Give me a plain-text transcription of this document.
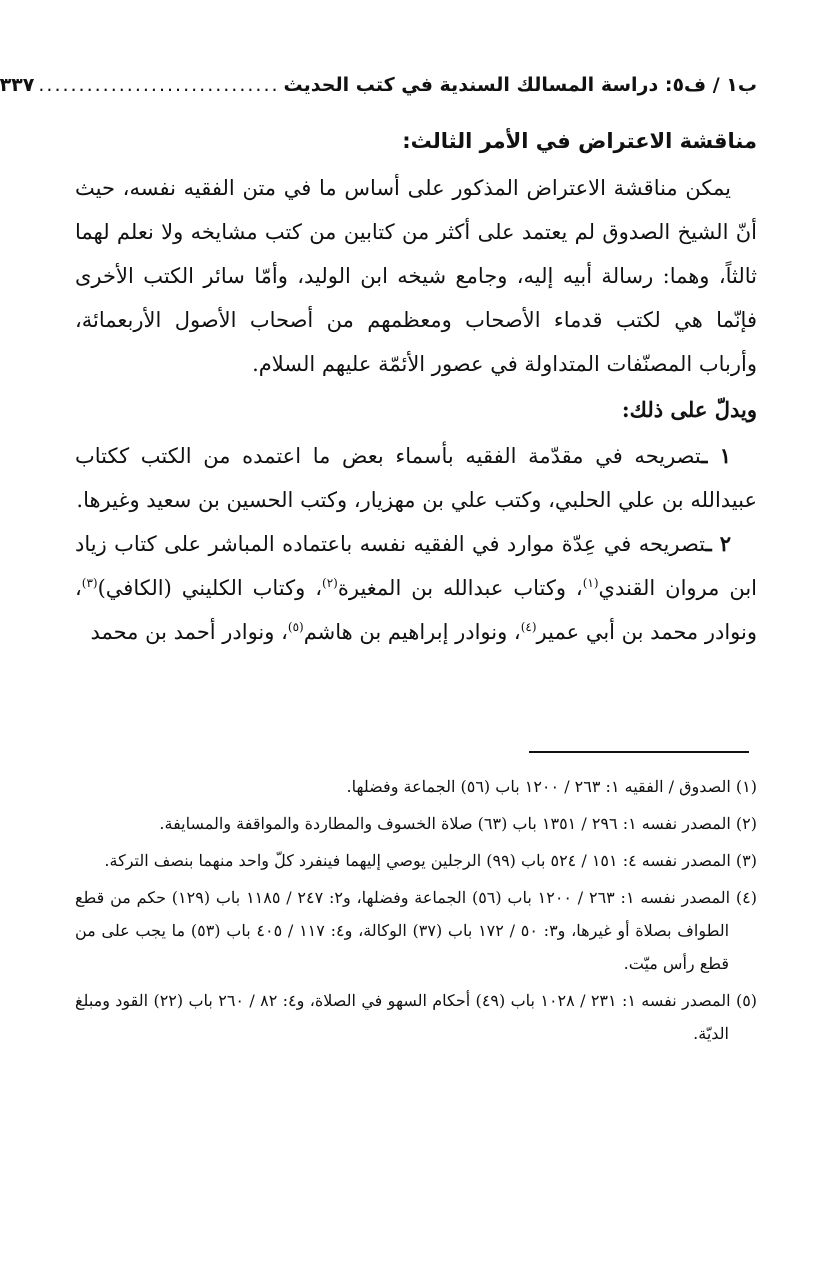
ب١ / ف٥: دراسة المسالك السندية في كتب الحديث
..............................
٣٣٧
مناقشة الاعتراض في الأمر الثالث:

يمكن مناقشة الاعتراض المذكور على أساس ما في متن الفقيه نفسه، حيث أنّ الشيخ الصدوق لم يعتمد على أكثر من كتابين من كتب مشايخه ولا نعلم لهما ثالثاً، وهما: رسالة أبيه إليه، وجامع شيخه ابن الوليد، وأمّا سائر الكتب الأخرى فإنّما هي لكتب قدماء الأصحاب ومعظمهم من أصحاب الأصول الأربعمائة، وأرباب المصنّفات المتداولة في عصور الأئمّة عليهم السلام.

ويدلّ على ذلك:

١ ـتصريحه في مقدّمة الفقيه بأسماء بعض ما اعتمده من الكتب ككتاب عبيدالله بن علي الحلبي، وكتب علي بن مهزيار، وكتب الحسين بن سعيد وغيرها.

٢ ـتصريحه في عِدّة موارد في الفقيه نفسه باعتماده المباشر على كتاب زياد ابن مروان القندي$^{(١)}$، وكتاب عبدالله بن المغيرة$^{(٢)}$، وكتاب الكليني (الكافي)$^{(٣)}$، ونوادر محمد بن أبي عمير$^{(٤)}$، ونوادر إبراهيم بن هاشم$^{(٥)}$، ونوادر أحمد بن محمد

(١) الصدوق / الفقيه ١: ٢٦٣ / ١٢٠٠ باب (٥٦) الجماعة وفضلها.

(٢) المصدر نفسه ١: ٢٩٦ / ١٣٥١ باب (٦٣) صلاة الخسوف والمطاردة والمواقفة والمسايفة.

(٣) المصدر نفسه ٤: ١٥١ / ٥٢٤ باب (٩٩) الرجلين يوصي إليهما فينفرد كلّ واحد منهما بنصف التركة.

(٤) المصدر نفسه ١: ٢٦٣ / ١٢٠٠ باب (٥٦) الجماعة وفضلها، و٢: ٢٤٧ / ١١٨٥ باب (١٢٩) حكم من قطع الطواف بصلاة أو غيرها، و٣: ٥٠ / ١٧٢ باب (٣٧) الوكالة، و٤: ١١٧ / ٤٠٥ باب (٥٣) ما يجب على من قطع رأس ميّت.

(٥) المصدر نفسه ١: ٢٣١ / ١٠٢٨ باب (٤٩) أحكام السهو في الصلاة، و٤: ٨٢ / ٢٦٠ باب (٢٢) القود ومبلغ الديّة.
